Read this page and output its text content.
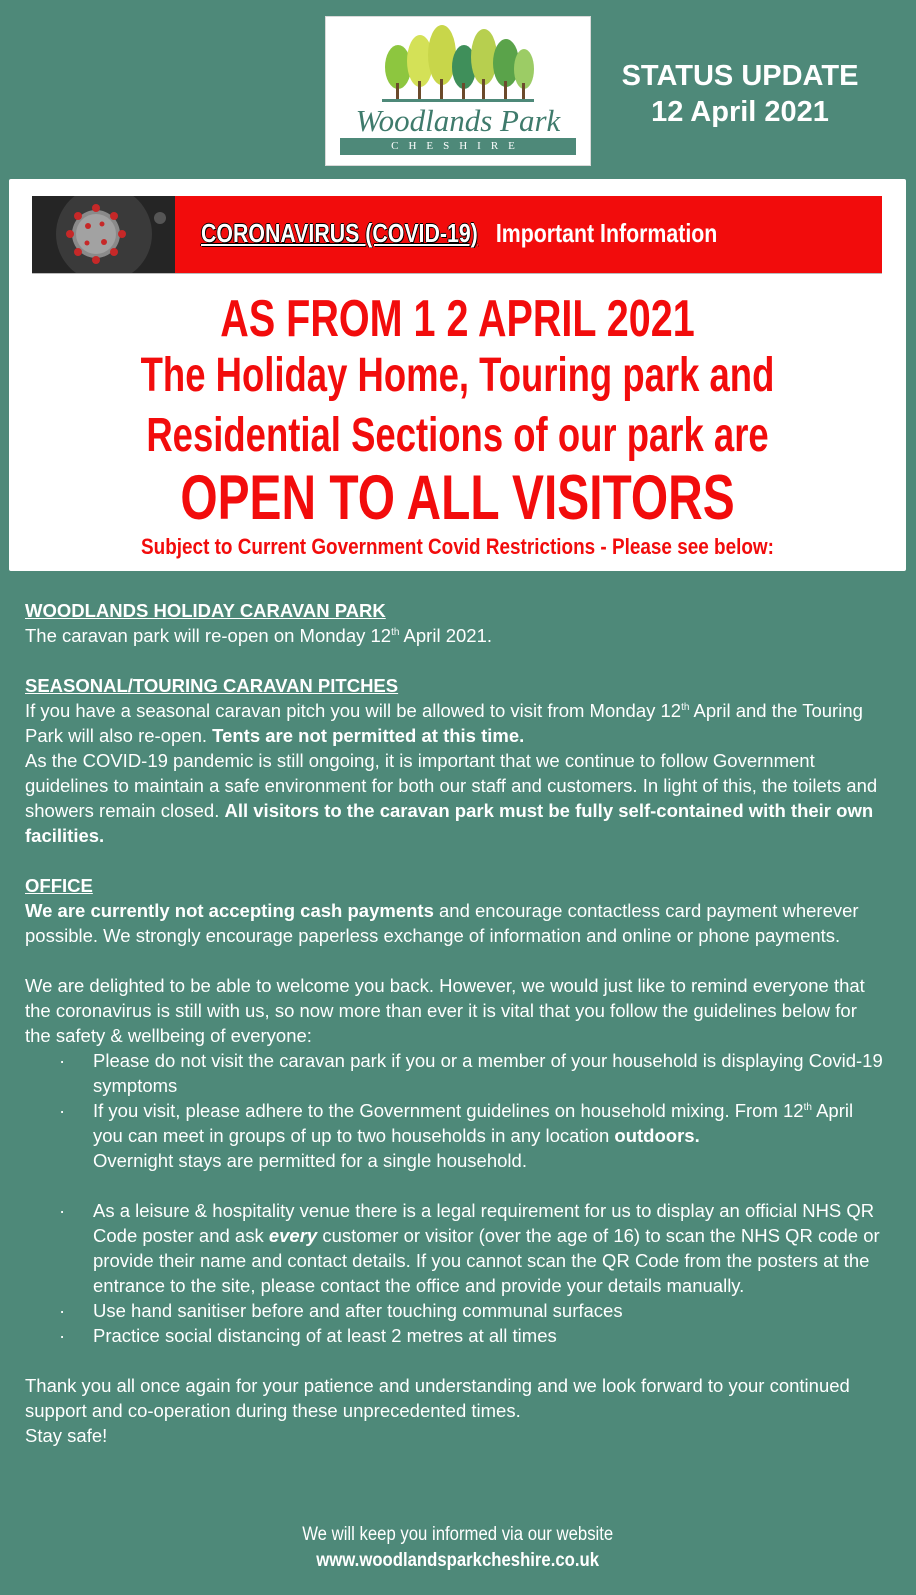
Woodlands Park
CHESHIRE
STATUS UPDATE
12 April 2021
CORONAVIRUS (COVID-19) Important Information
AS FROM 1 2 APRIL 2021
The Holiday Home, Touring park and
Residential Sections of our park are
OPEN TO ALL VISITORS
Subject to Current Government Covid Restrictions - Please see below:

WOODLANDS HOLIDAY CARAVAN PARK

The caravan park will re-open on Monday 12th April 2021.

SEASONAL/TOURING CARAVAN PITCHES

If you have a seasonal caravan pitch you will be allowed to visit from Monday 12th April and the Touring Park will also re-open. Tents are not permitted at this time.

As the COVID-19 pandemic is still ongoing, it is important that we continue to follow Government guidelines to maintain a safe environment for both our staff and customers. In light of this, the toilets and showers remain closed. All visitors to the caravan park must be fully self-contained with their own facilities.

OFFICE

We are currently not accepting cash payments and encourage contactless card payment wherever possible. We strongly encourage paperless exchange of information and online or phone payments.

We are delighted to be able to welcome you back. However, we would just like to remind everyone that the coronavirus is still with us, so now more than ever it is vital that you follow the guidelines below for the safety & wellbeing of everyone:

· Please do not visit the caravan park if you or a member of your household is displaying Covid-19 symptoms
· If you visit, please adhere to the Government guidelines on household mixing. From 12th April you can meet in groups of up to two households in any location outdoors.
Overnight stays are permitted for a single household.
· As a leisure & hospitality venue there is a legal requirement for us to display an official NHS QR Code poster and ask every customer or visitor (over the age of 16) to scan the NHS QR code or provide their name and contact details. If you cannot scan the QR Code from the posters at the entrance to the site, please contact the office and provide your details manually.
· Use hand sanitiser before and after touching communal surfaces
· Practice social distancing of at least 2 metres at all times

Thank you all once again for your patience and understanding and we look forward to your continued support and co-operation during these unprecedented times.

Stay safe!

We will keep you informed via our website
www.woodlandsparkcheshire.co.uk
